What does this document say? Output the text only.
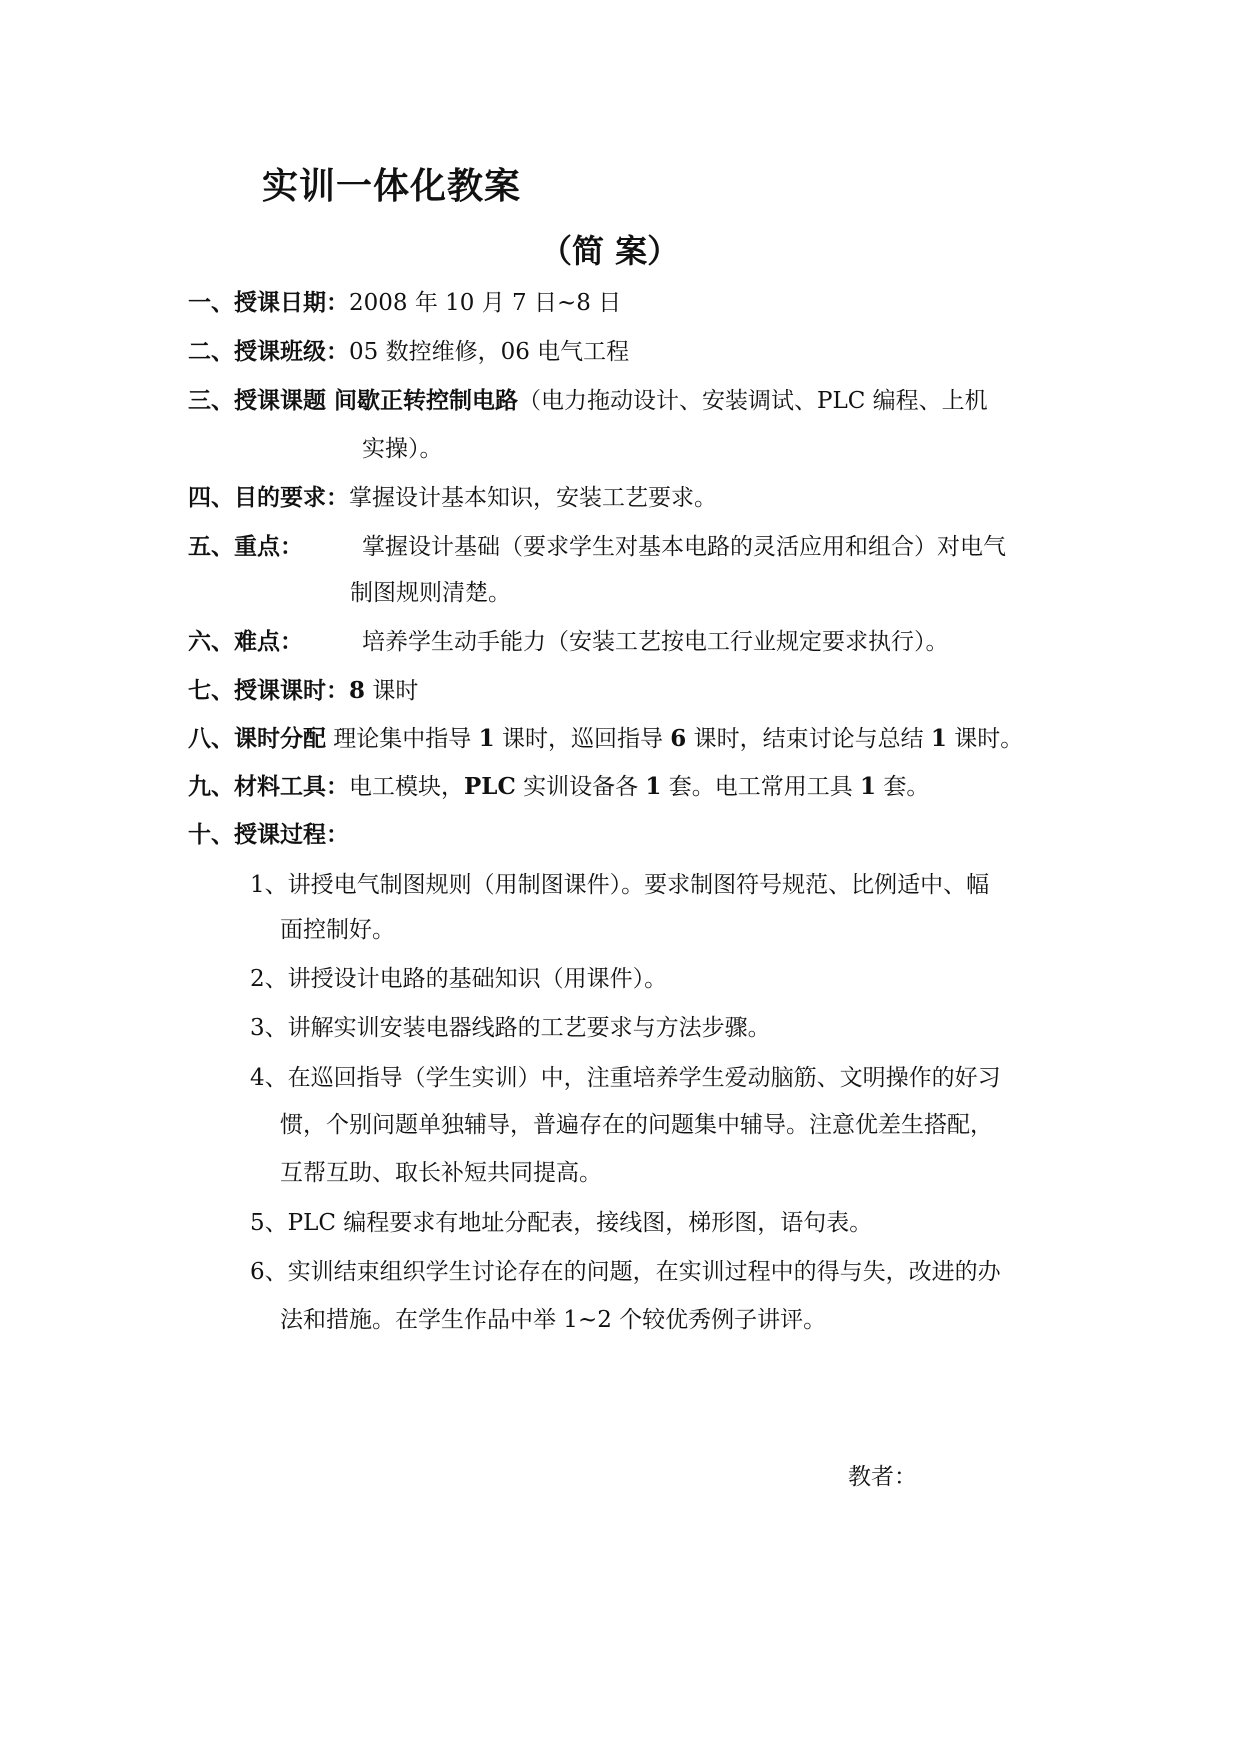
实训一体化教案
（简 案）
一、授课日期：2008 年 10 月 7 日~8 日
二、授课班级：05 数控维修，06 电气工程
三、授课课题 间歇正转控制电路（电力拖动设计、安装调试、PLC 编程、上机
实操）。
四、目的要求：掌握设计基本知识，安装工艺要求。
五、重点：	掌握设计基础（要求学生对基本电路的灵活应用和组合）对电气
制图规则清楚。
六、难点：	培养学生动手能力（安装工艺按电工行业规定要求执行）。
七、授课课时：8 课时
八、课时分配 理论集中指导 1 课时，巡回指导 6 课时，结束讨论与总结 1 课时。
九、材料工具：电工模块，PLC 实训设备各 1 套。电工常用工具 1 套。
十、授课过程：
1、讲授电气制图规则（用制图课件）。要求制图符号规范、比例适中、幅
面控制好。
2、讲授设计电路的基础知识（用课件）。
3、讲解实训安装电器线路的工艺要求与方法步骤。
4、在巡回指导（学生实训）中，注重培养学生爱动脑筋、文明操作的好习
惯，个别问题单独辅导，普遍存在的问题集中辅导。注意优差生搭配，
互帮互助、取长补短共同提高。
5、PLC 编程要求有地址分配表，接线图，梯形图，语句表。
6、实训结束组织学生讨论存在的问题，在实训过程中的得与失，改进的办
法和措施。在学生作品中举 1~2 个较优秀例子讲评。
教者：
